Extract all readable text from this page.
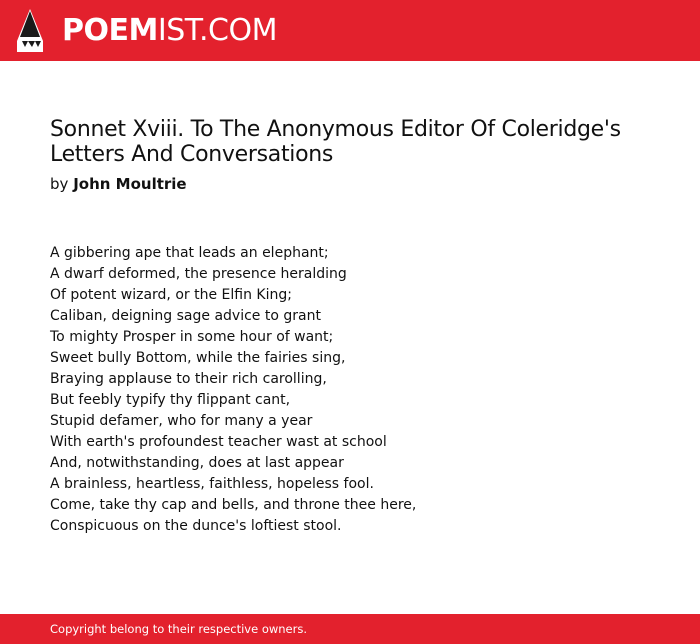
POEMIST.COM
Sonnet Xviii. To The Anonymous Editor Of Coleridge's Letters And Conversations
by John Moultrie
A gibbering ape that leads an elephant;
A dwarf deformed, the presence heralding
Of potent wizard, or the Elfin King;
Caliban, deigning sage advice to grant
To mighty Prosper in some hour of want;
Sweet bully Bottom, while the fairies sing,
Braying applause to their rich carolling,
But feebly typify thy flippant cant,
Stupid defamer, who for many a year
With earth's profoundest teacher wast at school
And, notwithstanding, does at last appear
A brainless, heartless, faithless, hopeless fool.
Come, take thy cap and bells, and throne thee here,
Conspicuous on the dunce's loftiest stool.
Copyright belong to their respective owners.
